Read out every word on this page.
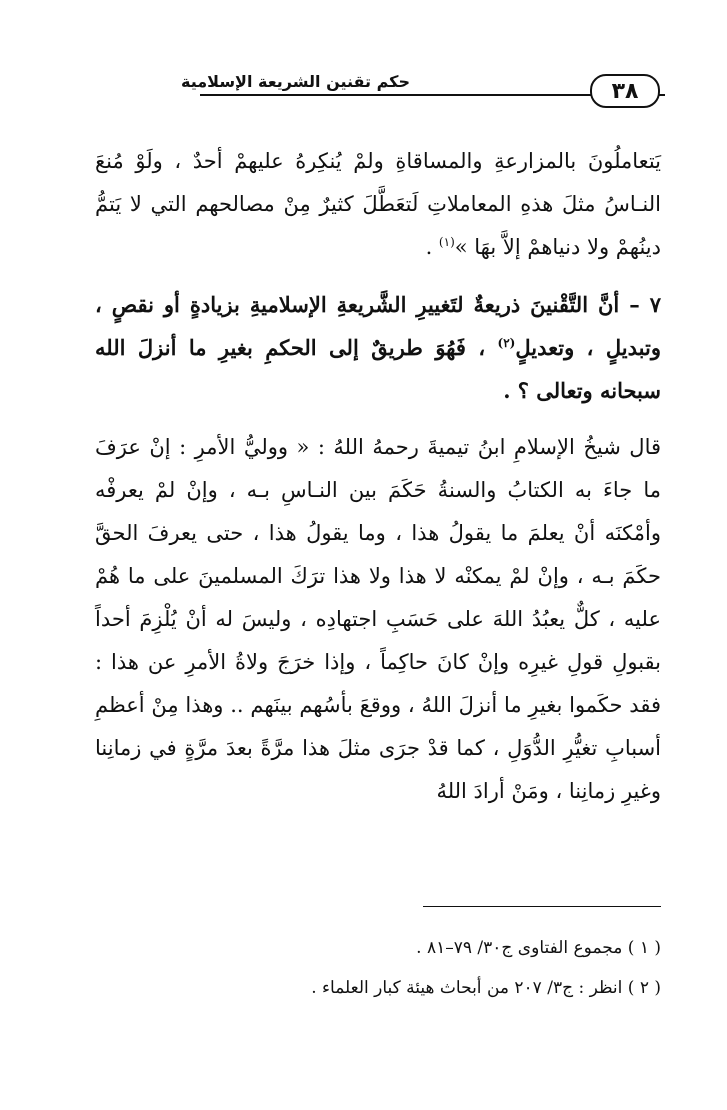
حكم تقنين الشريعة الإسلامية	٣٨

يَتعاملُونَ بالمزارعةِ والمساقاةِ ولمْ يُنكِرهُ عليهمْ أحدٌ ، ولَوْ مُنعَ النـاسُ مثلَ هذهِ المعاملاتِ لَتعَطَّلَ كثيرٌ مِنْ مصالحهم التي لا يَتمُّ دينُهمْ ولا دنياهمْ إلاَّ بهَا »$^{(١)}$ .

٧ – أنَّ التَّقْنينَ ذريعةٌ لتَغييرِ الشَّريعةِ الإسلاميةِ بزيادةٍ أو نقصٍ ، وتبديلٍ ، وتعديلٍ$^{(٢)}$ ، فَهُوَ طريقٌ إلى الحكمِ بغيرِ ما أنزلَ الله سبحانه وتعالى ؟ .

قال شيخُ الإسلامِ ابنُ تيميةَ رحمهُ اللهُ : « ووليُّ الأمرِ : إنْ عرَفَ ما جاءَ به الكتابُ والسنةُ حَكَمَ بين النـاسِ بـه ، وإنْ لمْ يعرفْه وأمْكنَه أنْ يعلمَ ما يقولُ هذا ، وما يقولُ هذا ، حتى يعرفَ الحقَّ حكَمَ بـه ، وإنْ لمْ يمكنْه لا هذا ولا هذا ترَكَ المسلمينَ على ما هُمْ عليه ، كلٌّ يعبُدُ اللهَ على حَسَبِ اجتهادِه ، وليسَ له أنْ يُلْزِمَ أحداً بقبولِ قولِ غيرِه وإنْ كانَ حاكِماً ، وإذا خرَجَ ولاةُ الأمرِ عن هذا : فقد حكَموا بغيرِ ما أنزلَ اللهُ ، ووقعَ بأسُهم بينَهم .. وهذا مِنْ أعظمِ أسبابِ تغيُّرِ الدُّوَلِ ، كما قدْ جرَى مثلَ هذا مرَّةً بعدَ مرَّةٍ في زمانِنا وغيرِ زمانِنا ، ومَنْ أرادَ اللهُ

( ١ ) مجموع الفتاوى ج٣٠/ ٧٩–٨١ .

( ٢ ) انظر : ج٣/ ٢٠٧ من أبحاث هيئة كبار العلماء .
